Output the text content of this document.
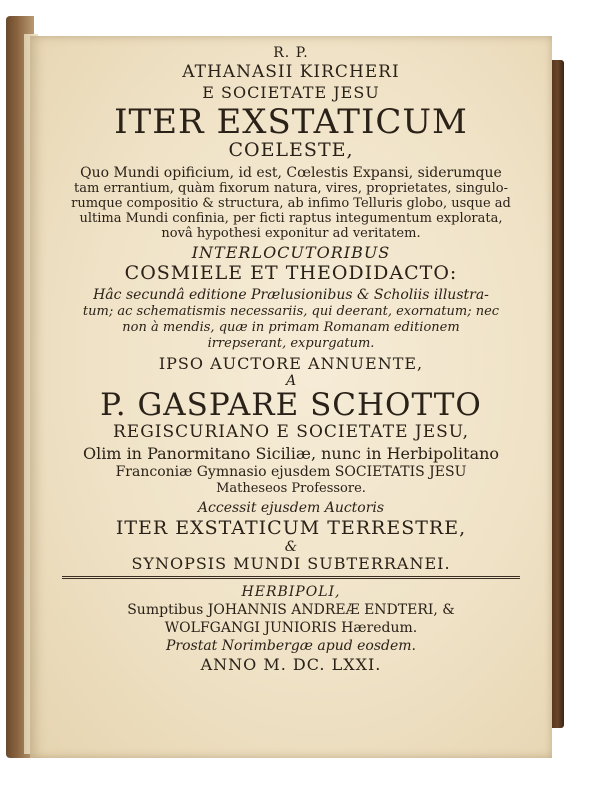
R. P.

ATHANASII KIRCHERI

E SOCIETATE JESU

ITER EXSTATICUM

COELESTE,

Quo Mundi opificium, id est, Cœlestis Expansi, siderumque

tam errantium, quàm fixorum natura, vires, proprietates, singulo-

rumque compositio & structura, ab infimo Telluris globo, usque ad

ultima Mundi confinia, per ficti raptus integumentum explorata,

novâ hypothesi exponitur ad veritatem.

INTERLOCUTORIBUS

COSMIELE ET THEODIDACTO:

Hâc secundâ editione Prælusionibus & Scholiis illustra-

tum; ac schematismis necessariis, qui deerant, exornatum; nec

non à mendis, quæ in primam Romanam editionem

irrepserant, expurgatum.

IPSO AUCTORE ANNUENTE,

A

P. GASPARE SCHOTTO

REGISCURIANO E SOCIETATE JESU,

Olim in Panormitano Siciliæ, nunc in Herbipolitano

Franconiæ Gymnasio ejusdem SOCIETATIS JESU

Matheseos Professore.

Accessit ejusdem Auctoris

ITER EXSTATICUM TERRESTRE,

&

SYNOPSIS MUNDI SUBTERRANEI.

HERBIPOLI,

Sumptibus JOHANNIS ANDREÆ ENDTERI, &

WOLFGANGI JUNIORIS Hæredum.

Prostat Norimbergæ apud eosdem.

ANNO M. DC. LXXI.
